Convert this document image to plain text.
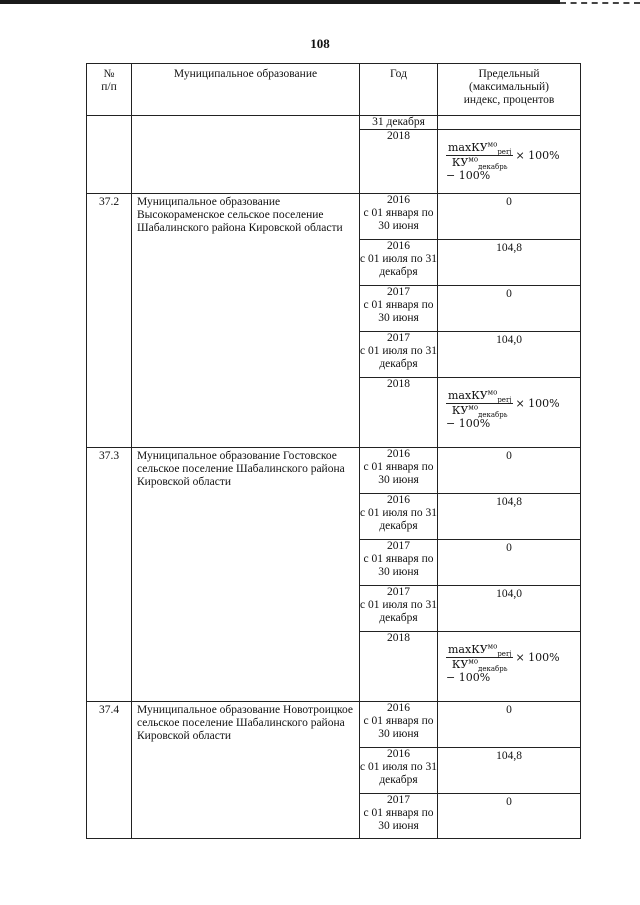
108
№
п/п	Муниципальное образование	Год	Предельный
(максимальный)
индекс, процентов

		31 декабря	

		2018	$\frac{\max КУ^{мо}_{perj}}{КУ^{мо}_{декабрь}} \times 100\%$
− 100%

37.2	Муниципальное образование Высокораменское сельское поселение Шабалинского района Кировской области	2016
с 01 января по 30 июня	0

		2016
с 01 июля по 31 декабря	104,8

		2017
с 01 января по 30 июня	0

		2017
с 01 июля по 31 декабря	104,0

		2018	$\frac{\max КУ^{мо}_{perj}}{КУ^{мо}_{декабрь}} \times 100\%$
− 100%

37.3	Муниципальное образование Гостовское сельское поселение Шабалинского района Кировской области	2016
с 01 января по 30 июня	0

		2016
с 01 июля по 31 декабря	104,8

		2017
с 01 января по 30 июня	0

		2017
с 01 июля по 31 декабря	104,0

		2018	$\frac{\max КУ^{мо}_{perj}}{КУ^{мо}_{декабрь}} \times 100\%$
− 100%

37.4	Муниципальное образование Новотроицкое сельское поселение Шабалинского района Кировской области	2016
с 01 января по 30 июня	0

		2016
с 01 июля по 31 декабря	104,8

		2017
с 01 января по 30 июня	0
